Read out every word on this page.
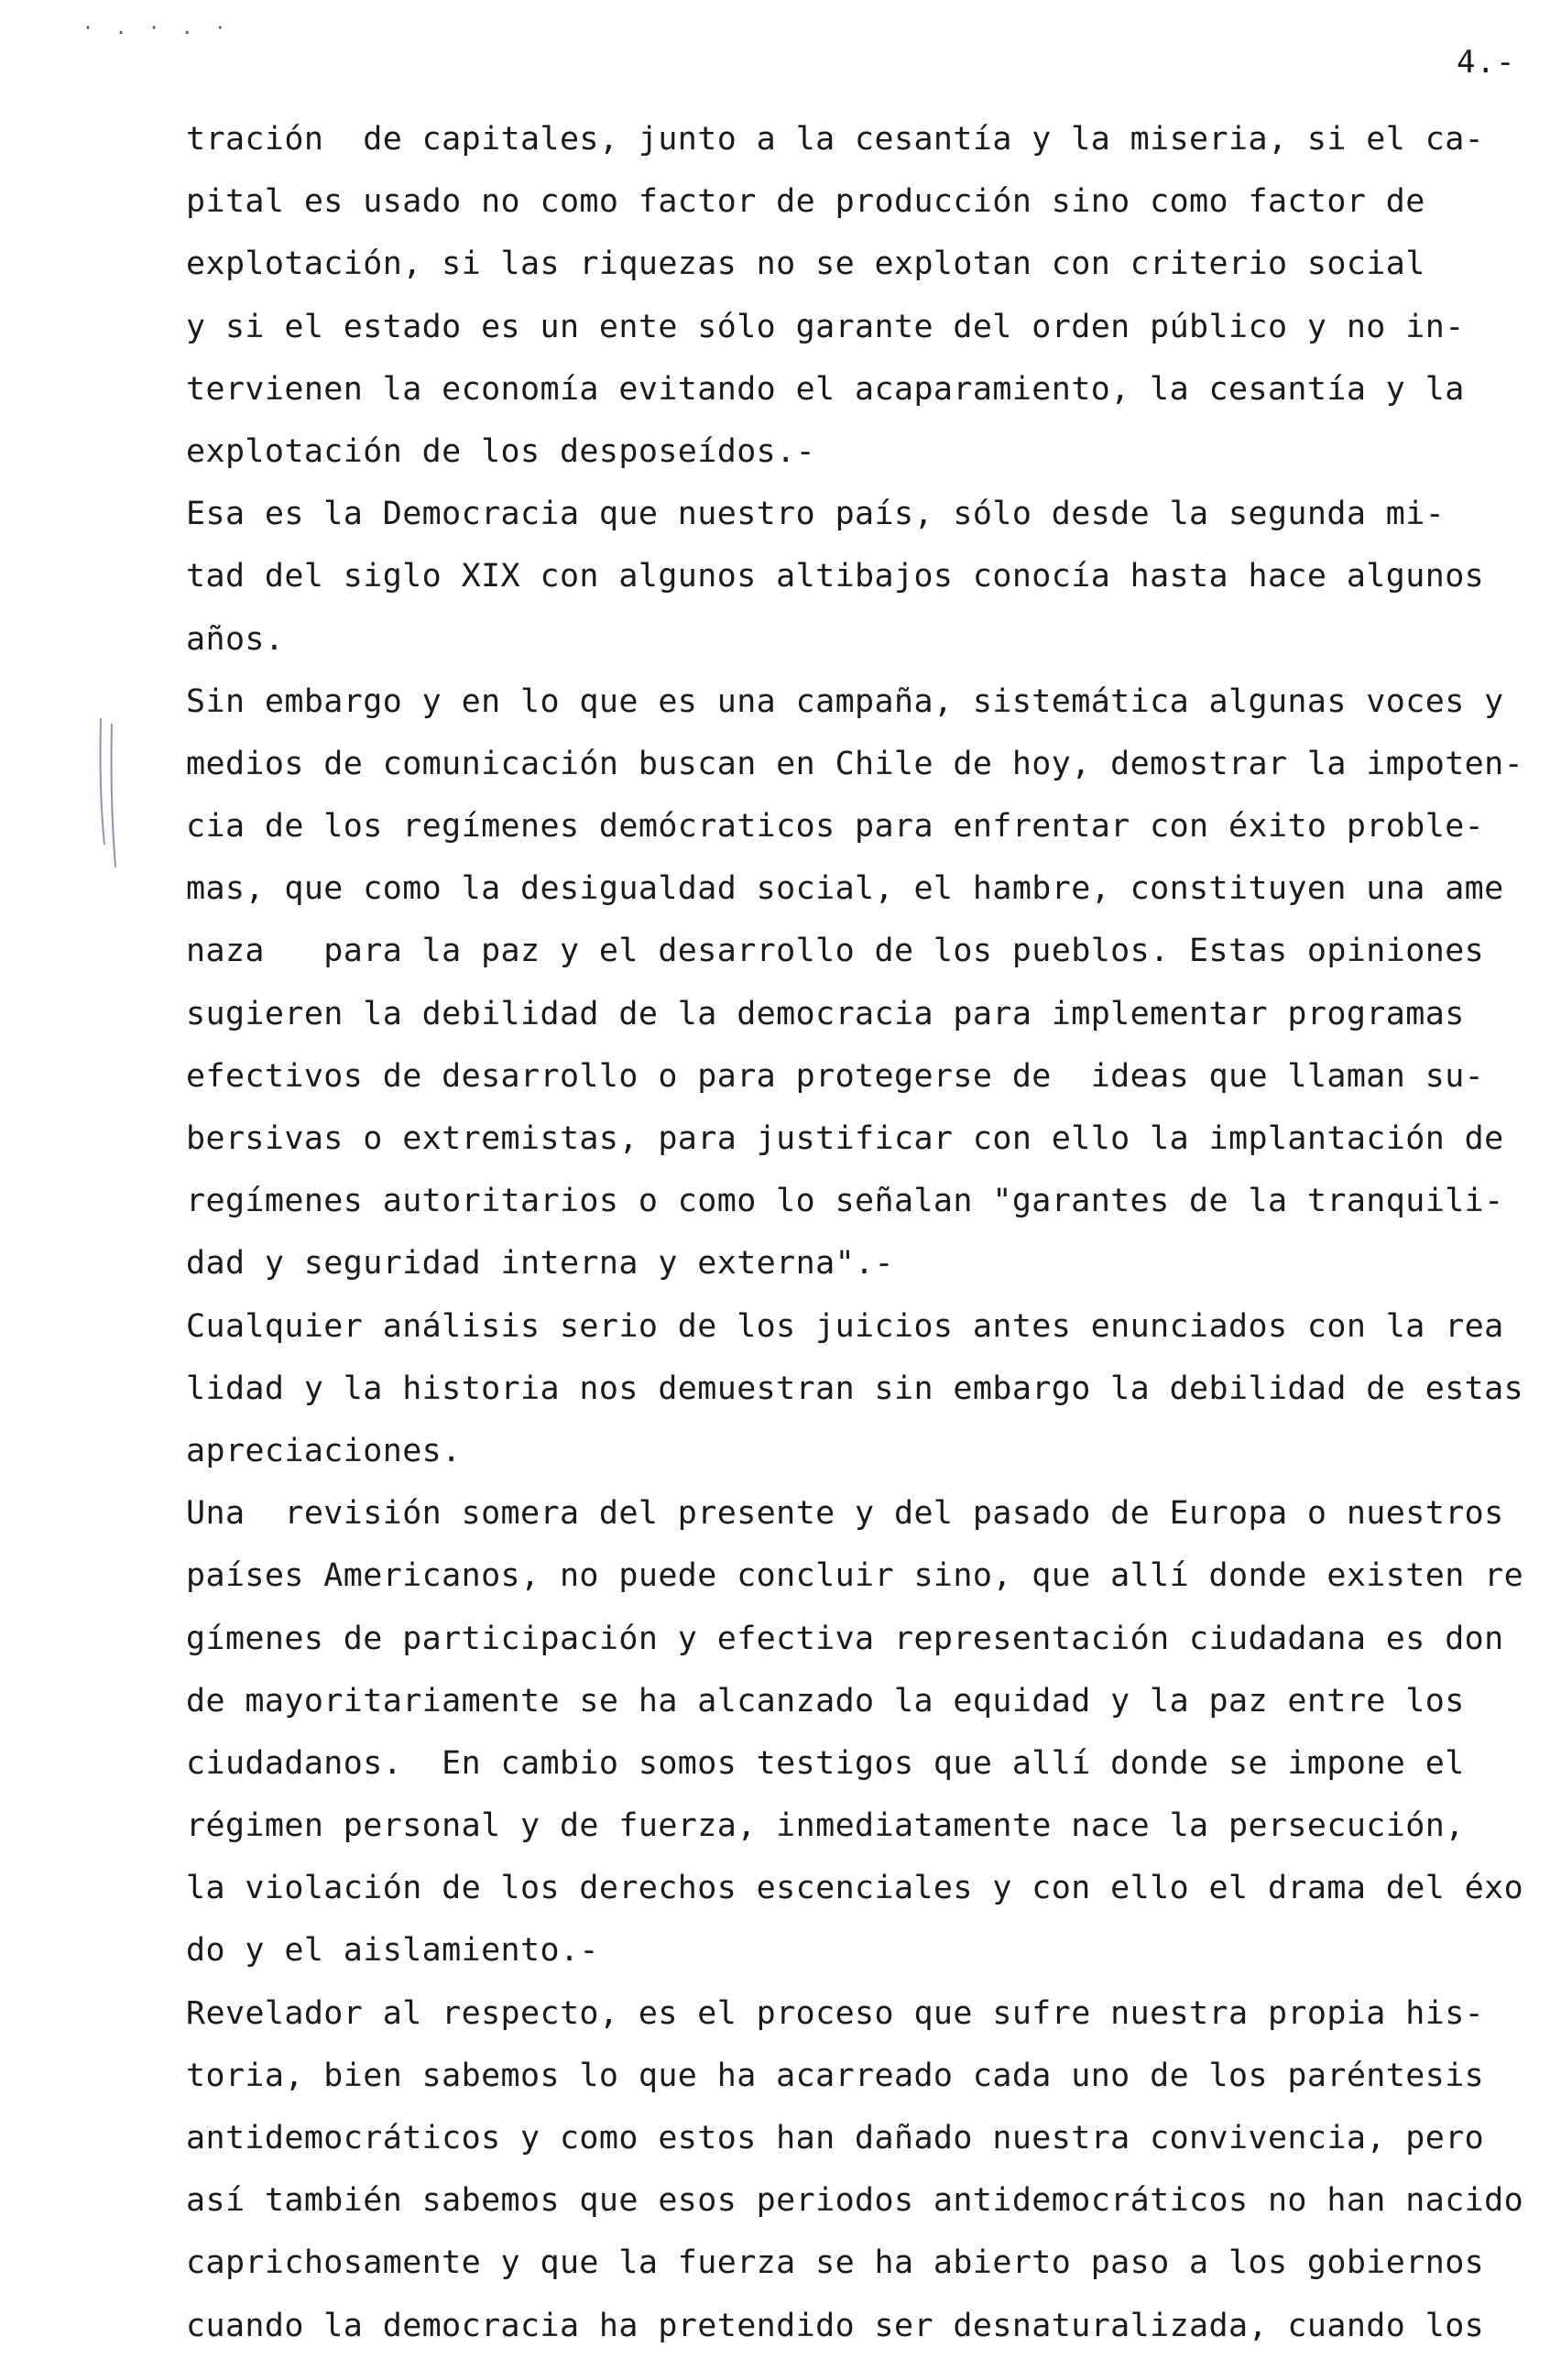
4.-
· . · . ·
tración  de capitales, junto a la cesantía y la miseria, si el ca-
pital es usado no como factor de producción sino como factor de
explotación, si las riquezas no se explotan con criterio social
y si el estado es un ente sólo garante del orden público y no in-
tervienen la economía evitando el acaparamiento, la cesantía y la
explotación de los desposeídos.-
Esa es la Democracia que nuestro país, sólo desde la segunda mi-
tad del siglo XIX con algunos altibajos conocía hasta hace algunos
años.
Sin embargo y en lo que es una campaña, sistemática algunas voces y
medios de comunicación buscan en Chile de hoy, demostrar la impoten-
cia de los regímenes demócraticos para enfrentar con éxito proble-
mas, que como la desigualdad social, el hambre, constituyen una ame
naza   para la paz y el desarrollo de los pueblos. Estas opiniones
sugieren la debilidad de la democracia para implementar programas
efectivos de desarrollo o para protegerse de  ideas que llaman su-
bersivas o extremistas, para justificar con ello la implantación de
regímenes autoritarios o como lo señalan "garantes de la tranquili-
dad y seguridad interna y externa".-
Cualquier análisis serio de los juicios antes enunciados con la rea
lidad y la historia nos demuestran sin embargo la debilidad de estas
apreciaciones.
Una  revisión somera del presente y del pasado de Europa o nuestros
países Americanos, no puede concluir sino, que allí donde existen re
gímenes de participación y efectiva representación ciudadana es don
de mayoritariamente se ha alcanzado la equidad y la paz entre los
ciudadanos.  En cambio somos testigos que allí donde se impone el
régimen personal y de fuerza, inmediatamente nace la persecución,
la violación de los derechos escenciales y con ello el drama del éxo
do y el aislamiento.-
Revelador al respecto, es el proceso que sufre nuestra propia his-
toria, bien sabemos lo que ha acarreado cada uno de los paréntesis
antidemocráticos y como estos han dañado nuestra convivencia, pero
así también sabemos que esos periodos antidemocráticos no han nacido
caprichosamente y que la fuerza se ha abierto paso a los gobiernos
cuando la democracia ha pretendido ser desnaturalizada, cuando los
